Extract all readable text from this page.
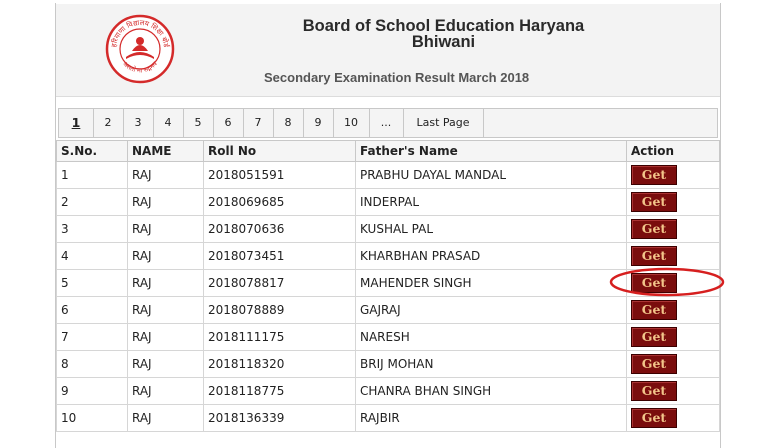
हरियाणा विद्यालय शिक्षा बोर्ड
असतो मा सद्गमय
Board of School Education Haryana
Bhiwani
Secondary Examination Result March 2018
1	2	3	4	5	6	7	8	9	10	...	Last Page
S.No.	NAME	Roll No	Father's Name	Action
1	RAJ	2018051591	PRABHU DAYAL MANDAL	Get
2	RAJ	2018069685	INDERPAL	Get
3	RAJ	2018070636	KUSHAL PAL	Get
4	RAJ	2018073451	KHARBHAN PRASAD	Get
5	RAJ	2018078817	MAHENDER SINGH	Get
6	RAJ	2018078889	GAJRAJ	Get
7	RAJ	2018111175	NARESH	Get
8	RAJ	2018118320	BRIJ MOHAN	Get
9	RAJ	2018118775	CHANRA BHAN SINGH	Get
10	RAJ	2018136339	RAJBIR	Get
